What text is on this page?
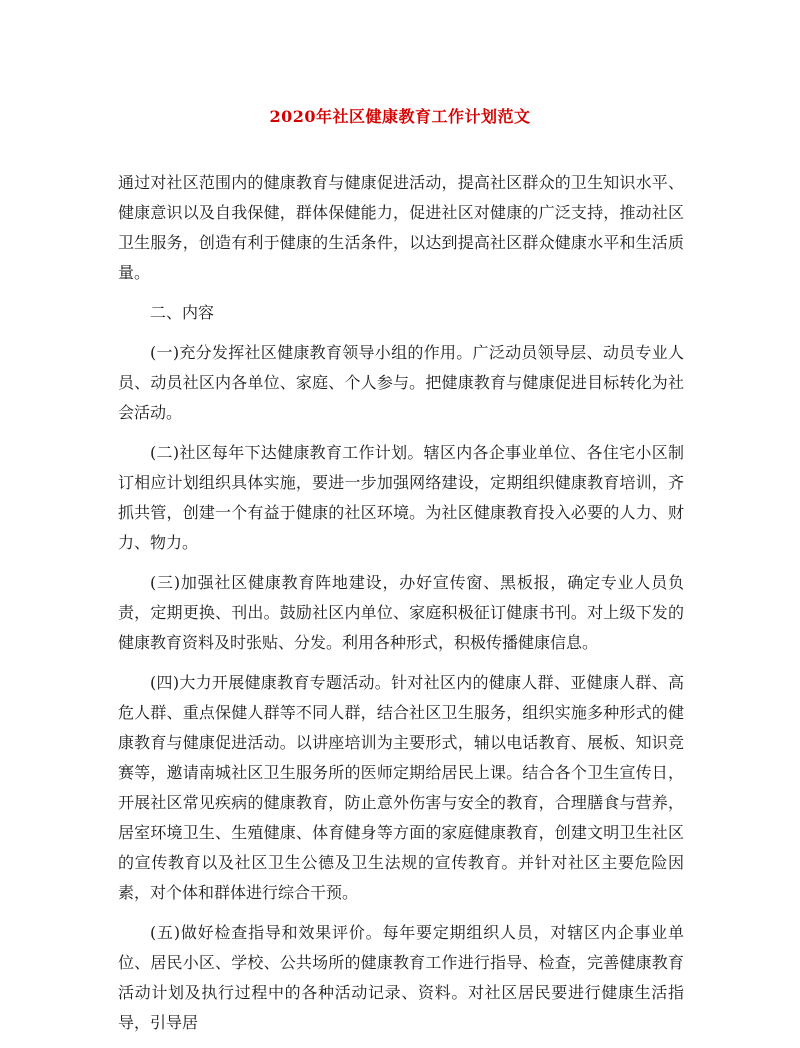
2020年社区健康教育工作计划范文

通过对社区范围内的健康教育与健康促进活动，提高社区群众的卫生知识水平、健康意识以及自我保健，群体保健能力，促进社区对健康的广泛支持，推动社区卫生服务，创造有利于健康的生活条件，以达到提高社区群众健康水平和生活质量。

二、内容

(一)充分发挥社区健康教育领导小组的作用。广泛动员领导层、动员专业人员、动员社区内各单位、家庭、个人参与。把健康教育与健康促进目标转化为社会活动。

(二)社区每年下达健康教育工作计划。辖区内各企事业单位、各住宅小区制订相应计划组织具体实施，要进一步加强网络建设，定期组织健康教育培训，齐抓共管，创建一个有益于健康的社区环境。为社区健康教育投入必要的人力、财力、物力。

(三)加强社区健康教育阵地建设，办好宣传窗、黑板报，确定专业人员负责，定期更换、刊出。鼓励社区内单位、家庭积极征订健康书刊。对上级下发的健康教育资料及时张贴、分发。利用各种形式，积极传播健康信息。

(四)大力开展健康教育专题活动。针对社区内的健康人群、亚健康人群、高危人群、重点保健人群等不同人群，结合社区卫生服务，组织实施多种形式的健康教育与健康促进活动。以讲座培训为主要形式，辅以电话教育、展板、知识竞赛等，邀请南城社区卫生服务所的医师定期给居民上课。结合各个卫生宣传日，开展社区常见疾病的健康教育，防止意外伤害与安全的教育，合理膳食与营养，居室环境卫生、生殖健康、体育健身等方面的家庭健康教育，创建文明卫生社区的宣传教育以及社区卫生公德及卫生法规的宣传教育。并针对社区主要危险因素，对个体和群体进行综合干预。

(五)做好检查指导和效果评价。每年要定期组织人员，对辖区内企事业单位、居民小区、学校、公共场所的健康教育工作进行指导、检查，完善健康教育活动计划及执行过程中的各种活动记录、资料。对社区居民要进行健康生活指导，引导居
